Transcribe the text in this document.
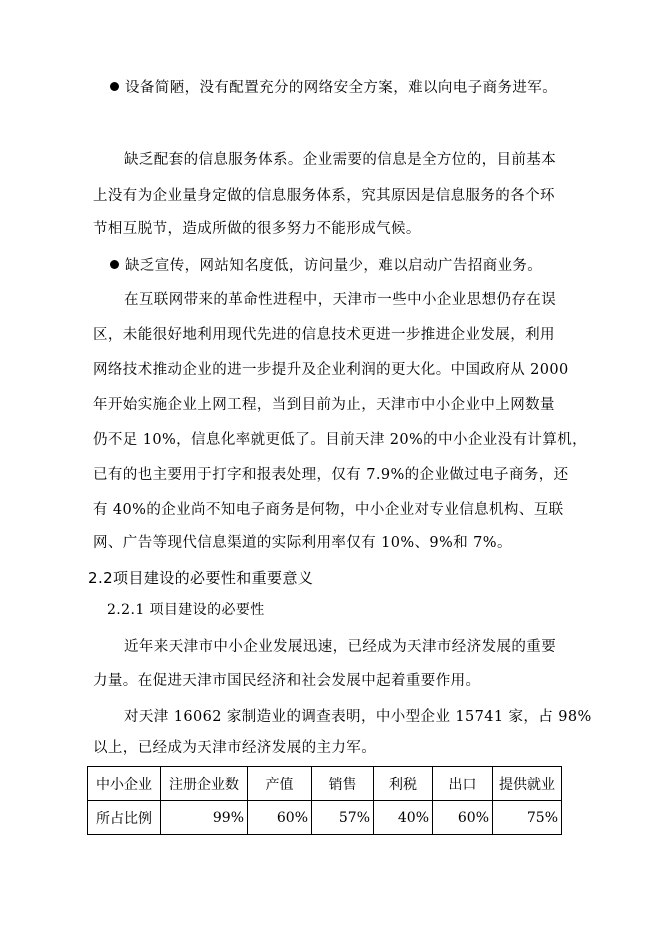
设备简陋，没有配置充分的网络安全方案，难以向电子商务进军。
缺乏配套的信息服务体系。企业需要的信息是全方位的，目前基本
上没有为企业量身定做的信息服务体系，究其原因是信息服务的各个环
节相互脱节，造成所做的很多努力不能形成气候。
缺乏宣传，网站知名度低，访问量少，难以启动广告招商业务。
在互联网带来的革命性进程中，天津市一些中小企业思想仍存在误
区，未能很好地利用现代先进的信息技术更进一步推进企业发展，利用
网络技术推动企业的进一步提升及企业利润的更大化。中国政府从 2000
年开始实施企业上网工程，当到目前为止，天津市中小企业中上网数量
仍不足 10%，信息化率就更低了。目前天津 20%的中小企业没有计算机，
已有的也主要用于打字和报表处理，仅有 7.9%的企业做过电子商务，还
有 40%的企业尚不知电子商务是何物，中小企业对专业信息机构、互联
网、广告等现代信息渠道的实际利用率仅有 10%、9%和 7%。
2.2项目建设的必要性和重要意义
2.2.1 项目建设的必要性
近年来天津市中小企业发展迅速，已经成为天津市经济发展的重要
力量。在促进天津市国民经济和社会发展中起着重要作用。
对天津 16062 家制造业的调查表明，中小型企业 15741 家，占 98%
以上，已经成为天津市经济发展的主力军。
中小企业	注册企业数	产值	销售	利税	出口	提供就业
所占比例	99%	60%	57%	40%	60%	75%
